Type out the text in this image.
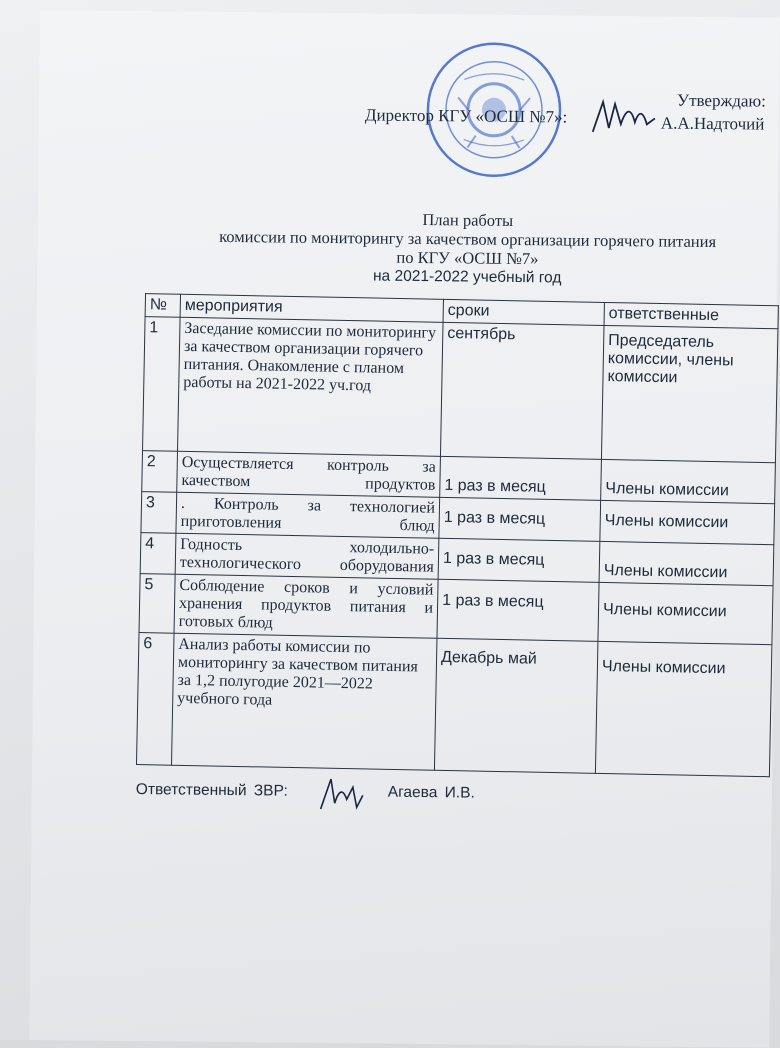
Утверждаю:
Директор КГУ «ОСШ №7»:	А.А.Надточий
План работы
комиссии по мониторингу за качеством организации горячего питания
по КГУ «ОСШ №7»
на 2021-2022 учебный год
№	мероприятия	сроки	ответственные
1	Заседание комиссии по мониторингу за качеством организации горячего питания. Онакомление с планом работы на 2021-2022 уч.год	сентябрь	Председатель комиссии, члены комиссии
2	Осуществляется контроль за качеством продуктов	1 раз в месяц	Члены комиссии
3	. Контроль за технологией приготовления блюд	1 раз в месяц	Члены комиссии
4	Годность холодильно-технологического оборудования	1 раз в месяц	Члены комиссии
5	Соблюдение сроков и условий хранения продуктов питания и готовых блюд	1 раз в месяц	Члены комиссии
6	Анализ работы комиссии по мониторингу за качеством питания за 1,2 полугодие 2021—2022 учебного года	Декабрь май	Члены комиссии
Ответственный ЗВР:	Агаева И.В.
